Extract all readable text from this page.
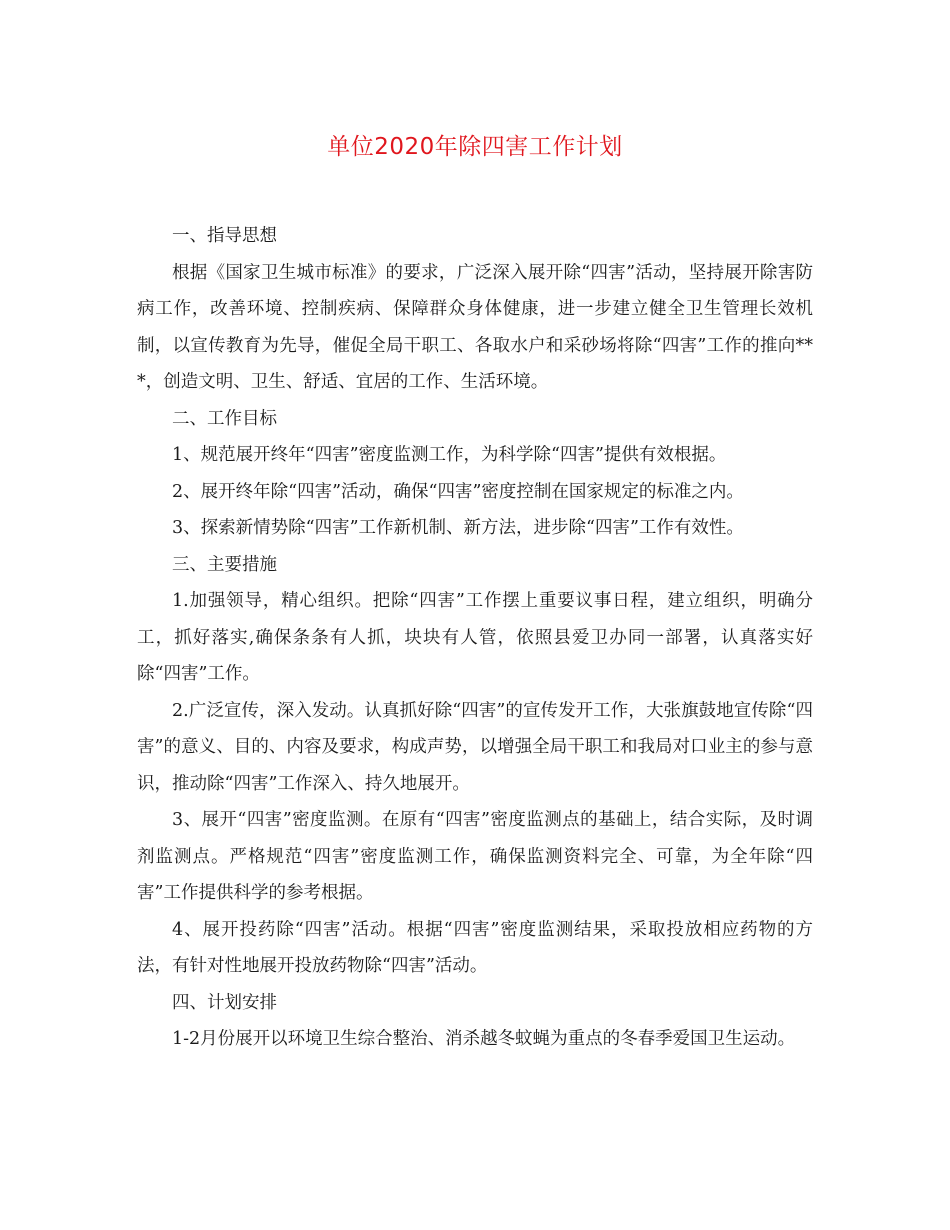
单位2020年除四害工作计划

一、指导思想

根据《国家卫生城市标准》的要求，广泛深入展开除“四害”活动，坚持展开除害防病工作，改善环境、控制疾病、保障群众身体健康，进一步建立健全卫生管理长效机制，以宣传教育为先导，催促全局干职工、各取水户和采砂场将除“四害”工作的推向***，创造文明、卫生、舒适、宜居的工作、生活环境。

二、工作目标

1、规范展开终年“四害”密度监测工作，为科学除“四害”提供有效根据。

2、展开终年除“四害”活动，确保“四害”密度控制在国家规定的标准之内。

3、探索新情势除“四害”工作新机制、新方法，进步除“四害”工作有效性。

三、主要措施

1.加强领导，精心组织。把除“四害”工作摆上重要议事日程，建立组织，明确分工，抓好落实,确保条条有人抓，块块有人管，依照县爱卫办同一部署，认真落实好除“四害”工作。

2.广泛宣传，深入发动。认真抓好除“四害”的宣传发开工作，大张旗鼓地宣传除“四害”的意义、目的、内容及要求，构成声势，以增强全局干职工和我局对口业主的参与意识，推动除“四害”工作深入、持久地展开。

3、展开“四害”密度监测。在原有“四害”密度监测点的基础上，结合实际，及时调剂监测点。严格规范“四害”密度监测工作，确保监测资料完全、可靠，为全年除“四害”工作提供科学的参考根据。

4、展开投药除“四害”活动。根据“四害”密度监测结果，采取投放相应药物的方法，有针对性地展开投放药物除“四害”活动。

四、计划安排

1-2月份展开以环境卫生综合整治、消杀越冬蚊蝇为重点的冬春季爱国卫生运动。
